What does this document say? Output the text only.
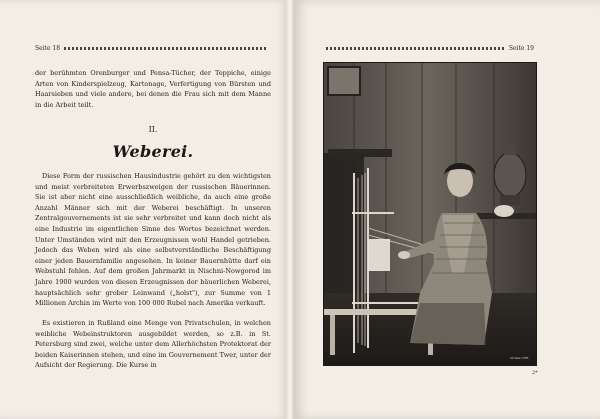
Seite 18

der berühmten Orenburger und Pensa-Tücher, der Teppiche, einige Arten von Kinderspielzeug, Kartonage, Verfertigung von Bürsten und Haarsieben und viele andere, bei denen die Frau sich mit dem Manne in die Arbeit teilt.

II.
Weberei.

Diese Form der russischen Hausindustrie gehört zu den wichtigsten und meist verbreiteten Erwerbszweigen der russischen Bäuerinnen. Sie ist aber nicht eine ausschließlich weibliche, da auch eine große Anzahl Männer sich mit der Weberei beschäftigt. In unseren Zentralgouvernements ist sie sehr verbreitet und kann doch nicht als eine Industrie im eigentlichen Sinne des Wortes bezeichnet werden. Unter Umständen wird mit den Erzeugnissen wohl Handel getrieben. Jedoch das Weben wird als eine selbstverständliche Beschäftigung einer jeden Bauernfamilie angesehen. In keiner Bauernhütte darf ein Webstuhl fehlen. Auf dem großen Jahrmarkt in Nischni-Nowgorod im Jahre 1900 wurden von diesen Erzeugnissen der bäuerlichen Weberei, hauptsächlich sehr grober Leinwand („holst"), zur Summe von 1 Millionen Archin im Werte von 100 000 Rubel nach Amerika verkauft.

Es existieren in Rußland eine Menge von Privatschulen, in welchen weibliche Webeinstruktoren ausgebildet werden, so z.B. in St. Petersburg sind zwei, welche unter dem Allerhöchsten Protektorat der beiden Kaiserinnen stehen, und eine im Gouvernement Twer, unter der Aufsicht der Regierung. Die Kurse in

Seite 19
M-Tafe CEH
2*
